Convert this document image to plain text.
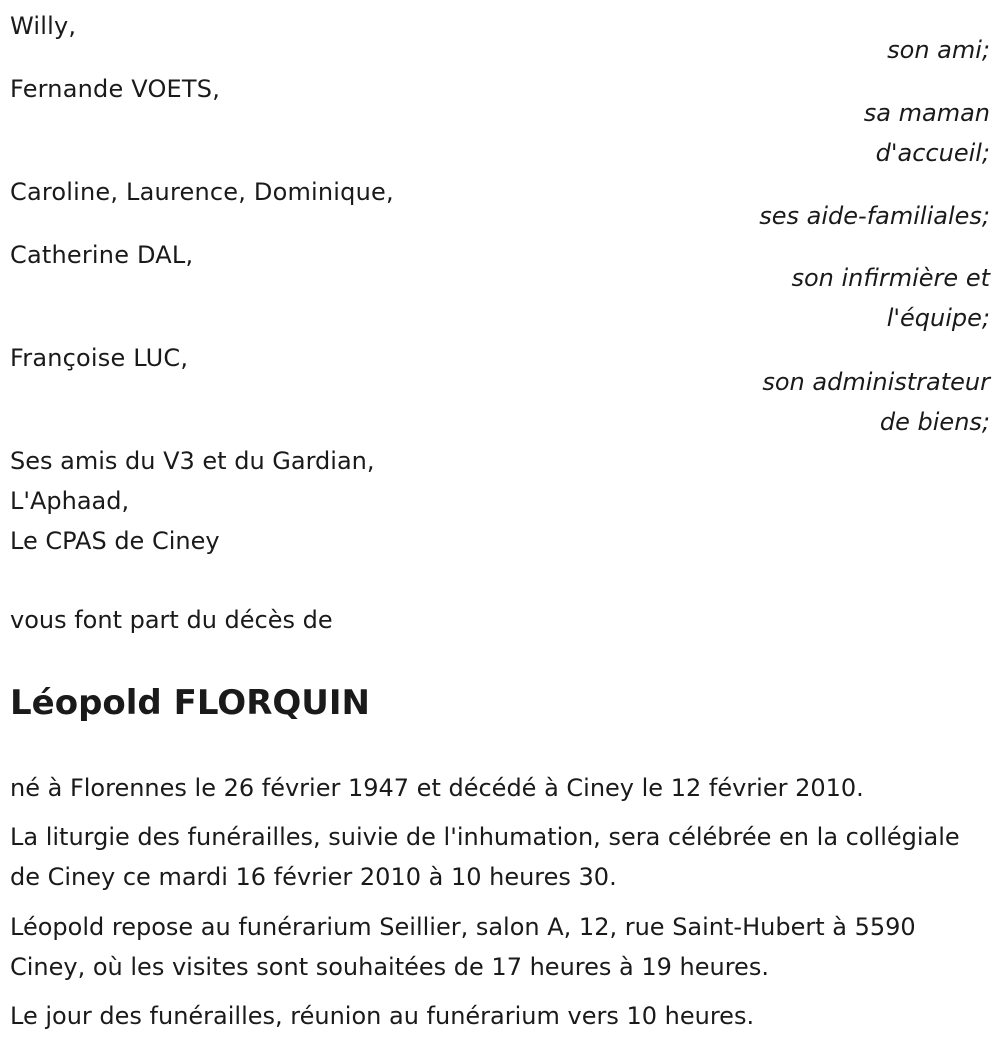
Willy,
son ami;
Fernande VOETS,
sa maman
d'accueil;
Caroline, Laurence, Dominique,
ses aide-familiales;
Catherine DAL,
son infirmière et
l'équipe;
Françoise LUC,
son administrateur
de biens;
Ses amis du V3 et du Gardian,
L'Aphaad,
Le CPAS de Ciney
vous font part du décès de
Léopold FLORQUIN
né à Florennes le 26 février 1947 et décédé à Ciney le 12 février 2010.
La liturgie des funérailles, suivie de l'inhumation, sera célébrée en la collégiale de Ciney ce mardi 16 février 2010 à 10 heures 30.
Léopold repose au funérarium Seillier, salon A, 12, rue Saint-Hubert à 5590 Ciney, où les visites sont souhaitées de 17 heures à 19 heures.
Le jour des funérailles, réunion au funérarium vers 10 heures.
